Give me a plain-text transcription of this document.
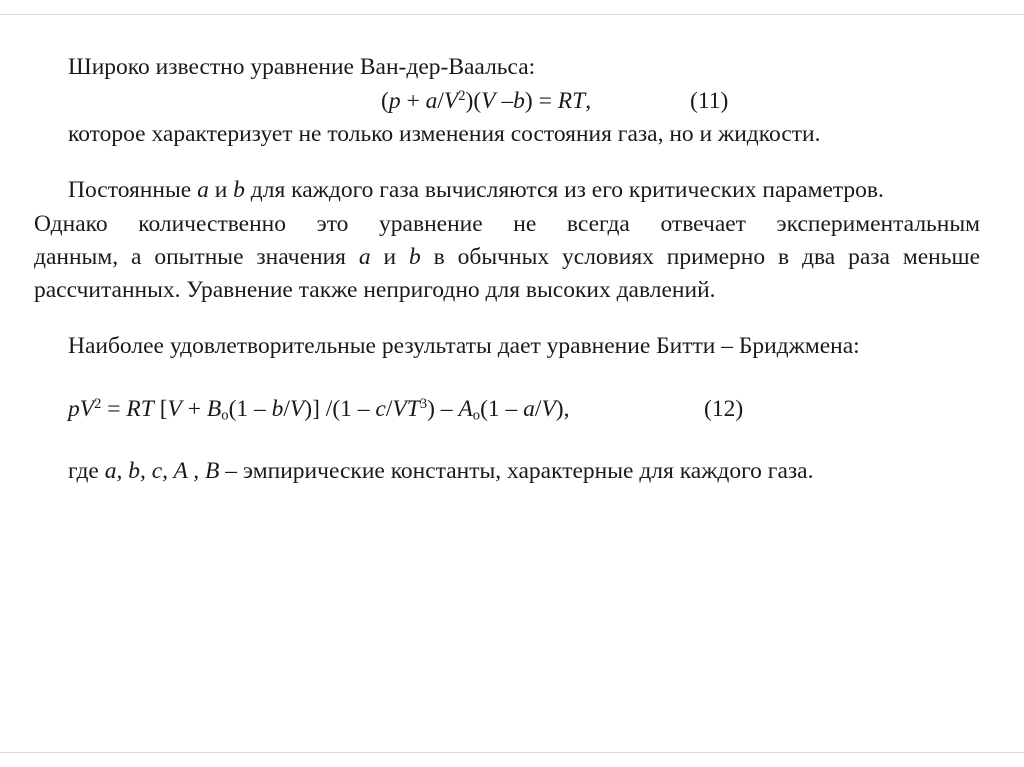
Широко известно уравнение Ван-дер-Ваальса:
$(p + a/V^2)(V$ –b) = RT,	(11)
которое характеризует не только изменения состояния газа, но и жидкости.
Постоянные a и b для каждого газа вычисляются из его критических параметров.
Однако количественно это уравнение не всегда отвечает экспериментальным
данным, а опытные значения a и b в обычных условиях примерно в два раза меньше
рассчитанных. Уравнение также непригодно для высоких давлений.
Наиболее удовлетворительные результаты дает уравнение Битти – Бриджмена:
$pV^2$ = RT $[V + B_o(1 - b/V)]$ $/(1 - c/VT^3) - A_o(1 - a/V)$,	(12)
где a, b, c, A , B – эмпирические константы, характерные для каждого газа.
